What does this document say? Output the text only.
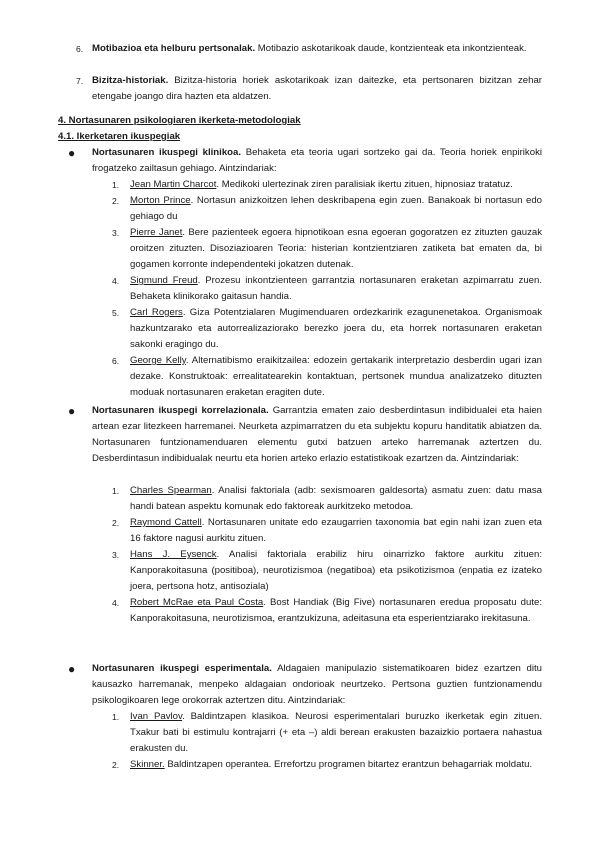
6. Motibazioa eta helburu pertsonalak. Motibazio askotarikoak daude, kontzienteak eta inkontzienteak.
7. Bizitza-historiak. Bizitza-historia horiek askotarikoak izan daitezke, eta pertsonaren bizitzan zehar etengabe joango dira hazten eta aldatzen.
4. Nortasunaren psikologiaren ikerketa-metodologiak
4.1. Ikerketaren ikuspegiak
● Nortasunaren ikuspegi klinikoa. Behaketa eta teoria ugari sortzeko gai da. Teoria horiek enpirikoki frogatzeko zailtasun gehiago. Aintzindariak:
1. Jean Martin Charcot. Medikoki ulertezinak ziren paralisiak ikertu zituen, hipnosiaz tratatuz.
2. Morton Prince. Nortasun anizkoitzen lehen deskribapena egin zuen. Banakoak bi nortasun edo gehiago du
3. Pierre Janet. Bere pazienteek egoera hipnotikoan esna egoeran gogoratzen ez zituzten gauzak oroitzen zituzten. Disoziazioaren Teoria: histerian kontzientziaren zatiketa bat ematen da, bi gogamen korronte independenteki jokatzen dutenak.
4. Sigmund Freud. Prozesu inkontzienteen garrantzia nortasunaren eraketan azpimarratu zuen. Behaketa klinikorako gaitasun handia.
5. Carl Rogers. Giza Potentzialaren Mugimenduaren ordezkaririk ezagunenetakoa. Organismoak hazkuntzarako eta autorrealizaziorako berezko joera du, eta horrek nortasunaren eraketan sakonki eragingo du.
6. George Kelly. Alternatibismo eraikitzailea: edozein gertakarik interpretazio desberdin ugari izan dezake. Konstruktoak: errealitatearekin kontaktuan, pertsonek mundua analizatzeko dituzten moduak nortasunaren eraketan eragiten dute.
● Nortasunaren ikuspegi korrelazionala. Garrantzia ematen zaio desberdintasun indibidualei eta haien artean ezar litezkeen harremanei. Neurketa azpimarratzen du eta subjektu kopuru handitatik abiatzen da. Nortasunaren funtzionamenduaren elementu gutxi batzuen arteko harremanak aztertzen du. Desberdintasun indibidualak neurtu eta horien arteko erlazio estatistikoak ezartzen da. Aintzindariak:
1. Charles Spearman. Analisi faktoriala (adb: sexismoaren galdesorta) asmatu zuen: datu masa handi batean aspektu komunak edo faktoreak aurkitzeko metodoa.
2. Raymond Cattell. Nortasunaren unitate edo ezaugarrien taxonomia bat egin nahi izan zuen eta 16 faktore nagusi aurkitu zituen.
3. Hans J. Eysenck. Analisi faktoriala erabiliz hiru oinarrizko faktore aurkitu zituen: Kanporakoitasuna (positiboa), neurotizismoa (negatiboa) eta psikotizismoa (enpatia ez izateko joera, pertsona hotz, antisoziala)
4. Robert McRae eta Paul Costa. Bost Handiak (Big Five) nortasunaren eredua proposatu dute: Kanporakoitasuna, neurotizismoa, erantzukizuna, adeitasuna eta esperientziarako irekitasuna.
● Nortasunaren ikuspegi esperimentala. Aldagaien manipulazio sistematikoaren bidez ezartzen ditu kausazko harremanak, menpeko aldagaian ondorioak neurtzeko. Pertsona guztien funtzionamendu psikologikoaren lege orokorrak aztertzen ditu. Aintzindariak:
1. Ivan Pavlov. Baldintzapen klasikoa. Neurosi esperimentalari buruzko ikerketak egin zituen. Txakur bati bi estimulu kontrajarri (+ eta –) aldi berean erakusten bazaizkio portaera nahastua erakusten du.
2. Skinner. Baldintzapen operantea. Errefortzu programen bitartez erantzun behagarriak moldatu.
